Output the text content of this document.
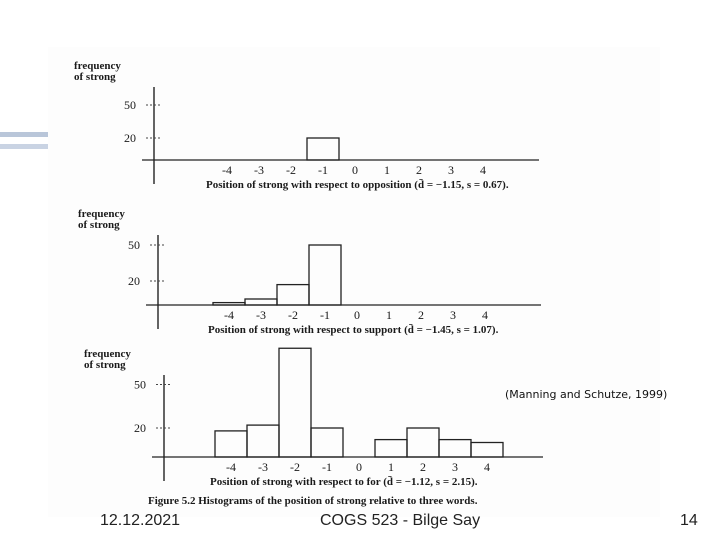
frequency
of strong
20
50
-4 -3 -2 -1 0 1 2 3 4
Position of strong with respect to opposition (d̄ = −1.15, s = 0.67).
frequency
of strong
20
50
-4 -3 -2 -1 0 1 2 3 4
Position of strong with respect to support (d̄ = −1.45, s = 1.07).
frequency
of strong
20
50
-4 -3 -2 -1 0 1 2 3 4
Position of strong with respect to for (d̄ = −1.12, s = 2.15).
Figure 5.2 Histograms of the position of strong relative to three words.
(Manning and Schutze, 1999)
12.12.2021	COGS 523 - Bilge Say	14
